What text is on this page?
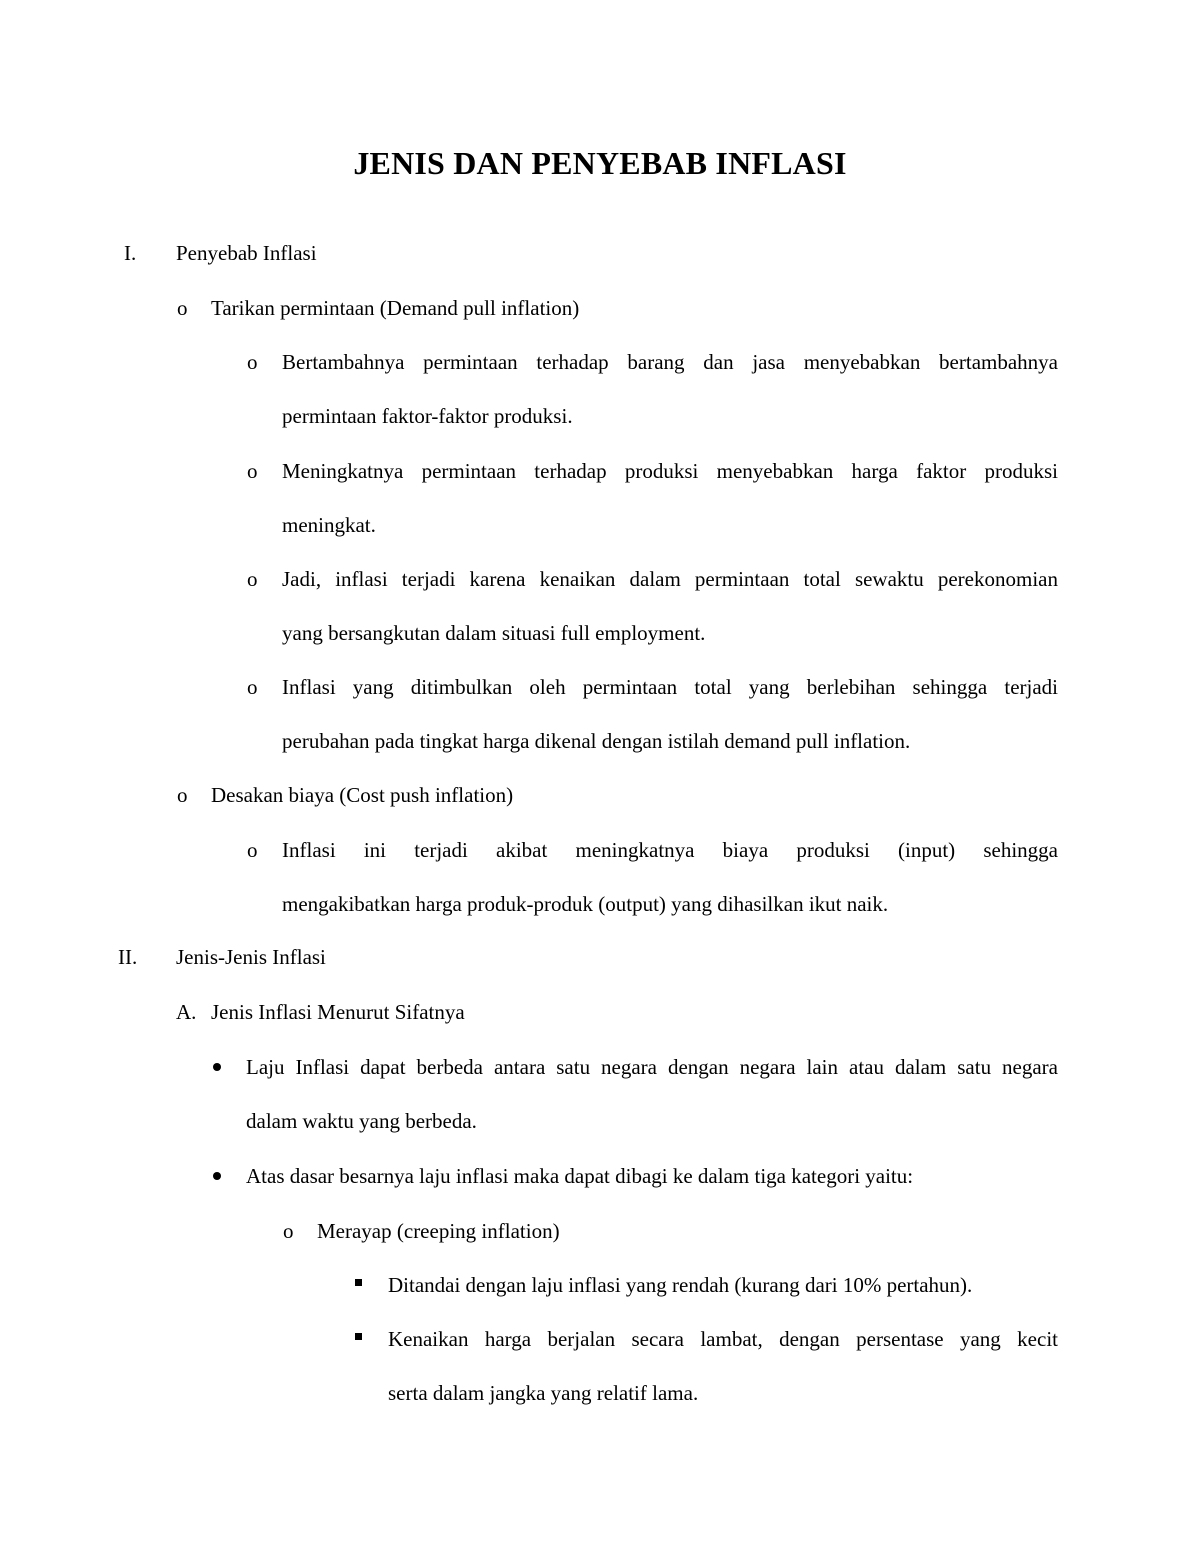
JENIS DAN PENYEBAB INFLASI
I. Penyebab Inflasi
o Tarikan permintaan (Demand pull inflation)
o Bertambahnya permintaan terhadap barang dan jasa menyebabkan bertambahnya
permintaan faktor-faktor produksi.
o Meningkatnya permintaan terhadap produksi menyebabkan harga faktor produksi
meningkat.
o Jadi, inflasi terjadi karena kenaikan dalam permintaan total sewaktu perekonomian
yang bersangkutan dalam situasi full employment.
o Inflasi yang ditimbulkan oleh permintaan total yang berlebihan sehingga terjadi
perubahan pada tingkat harga dikenal dengan istilah demand pull inflation.
o Desakan biaya (Cost push inflation)
o Inflasi ini terjadi akibat meningkatnya biaya produksi (input) sehingga
mengakibatkan harga produk-produk (output) yang dihasilkan ikut naik.
II. Jenis-Jenis Inflasi
A. Jenis Inflasi Menurut Sifatnya
Laju Inflasi dapat berbeda antara satu negara dengan negara lain atau dalam satu negara
dalam waktu yang berbeda.
Atas dasar besarnya laju inflasi maka dapat dibagi ke dalam tiga kategori yaitu:
o Merayap (creeping inflation)
Ditandai dengan laju inflasi yang rendah (kurang dari 10% pertahun).
Kenaikan harga berjalan secara lambat, dengan persentase yang kecit
serta dalam jangka yang relatif lama.
